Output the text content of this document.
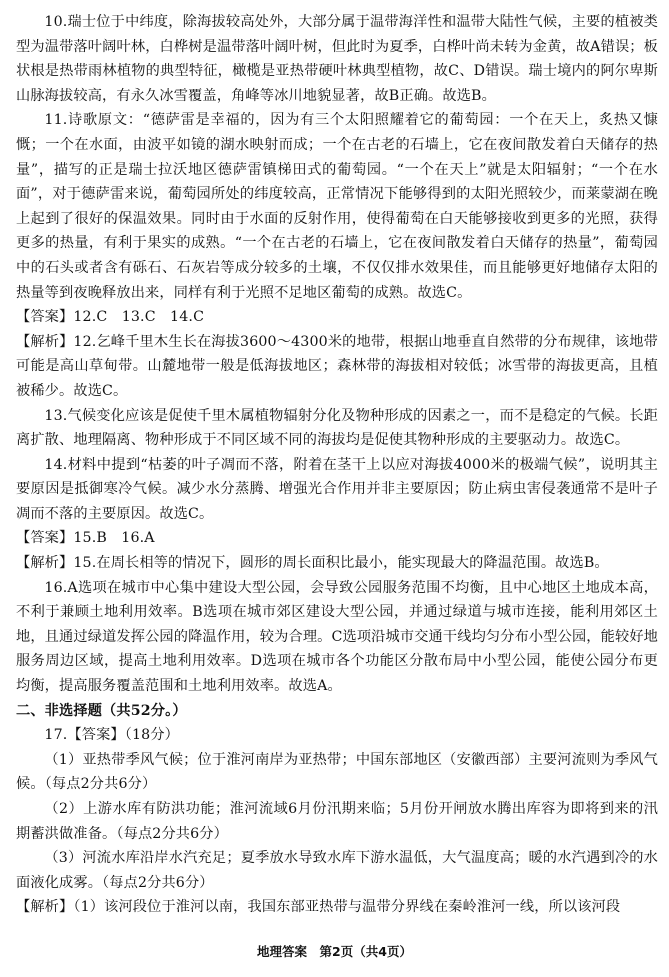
10.瑞士位于中纬度，除海拔较高处外，大部分属于温带海洋性和温带大陆性气候，主要的植被类型为温带落叶阔叶林，白桦树是温带落叶阔叶树，但此时为夏季，白桦叶尚未转为金黄，故A错误；板状根是热带雨林植物的典型特征，橄榄是亚热带硬叶林典型植物，故C、D错误。瑞士境内的阿尔卑斯山脉海拔较高，有永久冰雪覆盖，角峰等冰川地貌显著，故B正确。故选B。

11.诗歌原文：“德萨雷是幸福的，因为有三个太阳照耀着它的葡萄园：一个在天上，炙热又慷慨；一个在水面，由波平如镜的湖水映射而成；一个在古老的石墙上，它在夜间散发着白天储存的热量”，描写的正是瑞士拉沃地区德萨雷镇梯田式的葡萄园。“一个在天上”就是太阳辐射；“一个在水面”，对于德萨雷来说，葡萄园所处的纬度较高，正常情况下能够得到的太阳光照较少，而莱蒙湖在晚上起到了很好的保温效果。同时由于水面的反射作用，使得葡萄在白天能够接收到更多的光照，获得更多的热量，有利于果实的成熟。“一个在古老的石墙上，它在夜间散发着白天储存的热量”，葡萄园中的石头或者含有砾石、石灰岩等成分较多的土壤，不仅仅排水效果佳，而且能够更好地储存太阳的热量等到夜晚释放出来，同样有利于光照不足地区葡萄的成熟。故选C。

【答案】12.C　13.C　14.C

【解析】12.乞峰千里木生长在海拔3600～4300米的地带，根据山地垂直自然带的分布规律，该地带可能是高山草甸带。山麓地带一般是低海拔地区；森林带的海拔相对较低；冰雪带的海拔更高，且植被稀少。故选C。

13.气候变化应该是促使千里木属植物辐射分化及物种形成的因素之一，而不是稳定的气候。长距离扩散、地理隔离、物种形成于不同区域不同的海拔均是促使其物种形成的主要驱动力。故选C。

14.材料中提到“枯萎的叶子凋而不落，附着在茎干上以应对海拔4000米的极端气候”，说明其主要原因是抵御寒冷气候。减少水分蒸腾、增强光合作用并非主要原因；防止病虫害侵袭通常不是叶子凋而不落的主要原因。故选C。

【答案】15.B　16.A

【解析】15.在周长相等的情况下，圆形的周长面积比最小，能实现最大的降温范围。故选B。

16.A选项在城市中心集中建设大型公园，会导致公园服务范围不均衡，且中心地区土地成本高，不利于兼顾土地利用效率。B选项在城市郊区建设大型公园，并通过绿道与城市连接，能利用郊区土地，且通过绿道发挥公园的降温作用，较为合理。C选项沿城市交通干线均匀分布小型公园，能较好地服务周边区域，提高土地利用效率。D选项在城市各个功能区分散布局中小型公园，能使公园分布更均衡，提高服务覆盖范围和土地利用效率。故选A。

二、非选择题（共52分。）

17.【答案】（18分）

（1）亚热带季风气候；位于淮河南岸为亚热带；中国东部地区（安徽西部）主要河流则为季风气候。（每点2分共6分）

（2）上游水库有防洪功能；淮河流域6月份汛期来临；5月份开闸放水腾出库容为即将到来的汛期蓄洪做准备。（每点2分共6分）

（3）河流水库沿岸水汽充足；夏季放水导致水库下游水温低，大气温度高；暖的水汽遇到冷的水面液化成雾。（每点2分共6分）

【解析】（1）该河段位于淮河以南，我国东部亚热带与温带分界线在秦岭淮河一线，所以该河段

地理答案　第2页（共4页）
